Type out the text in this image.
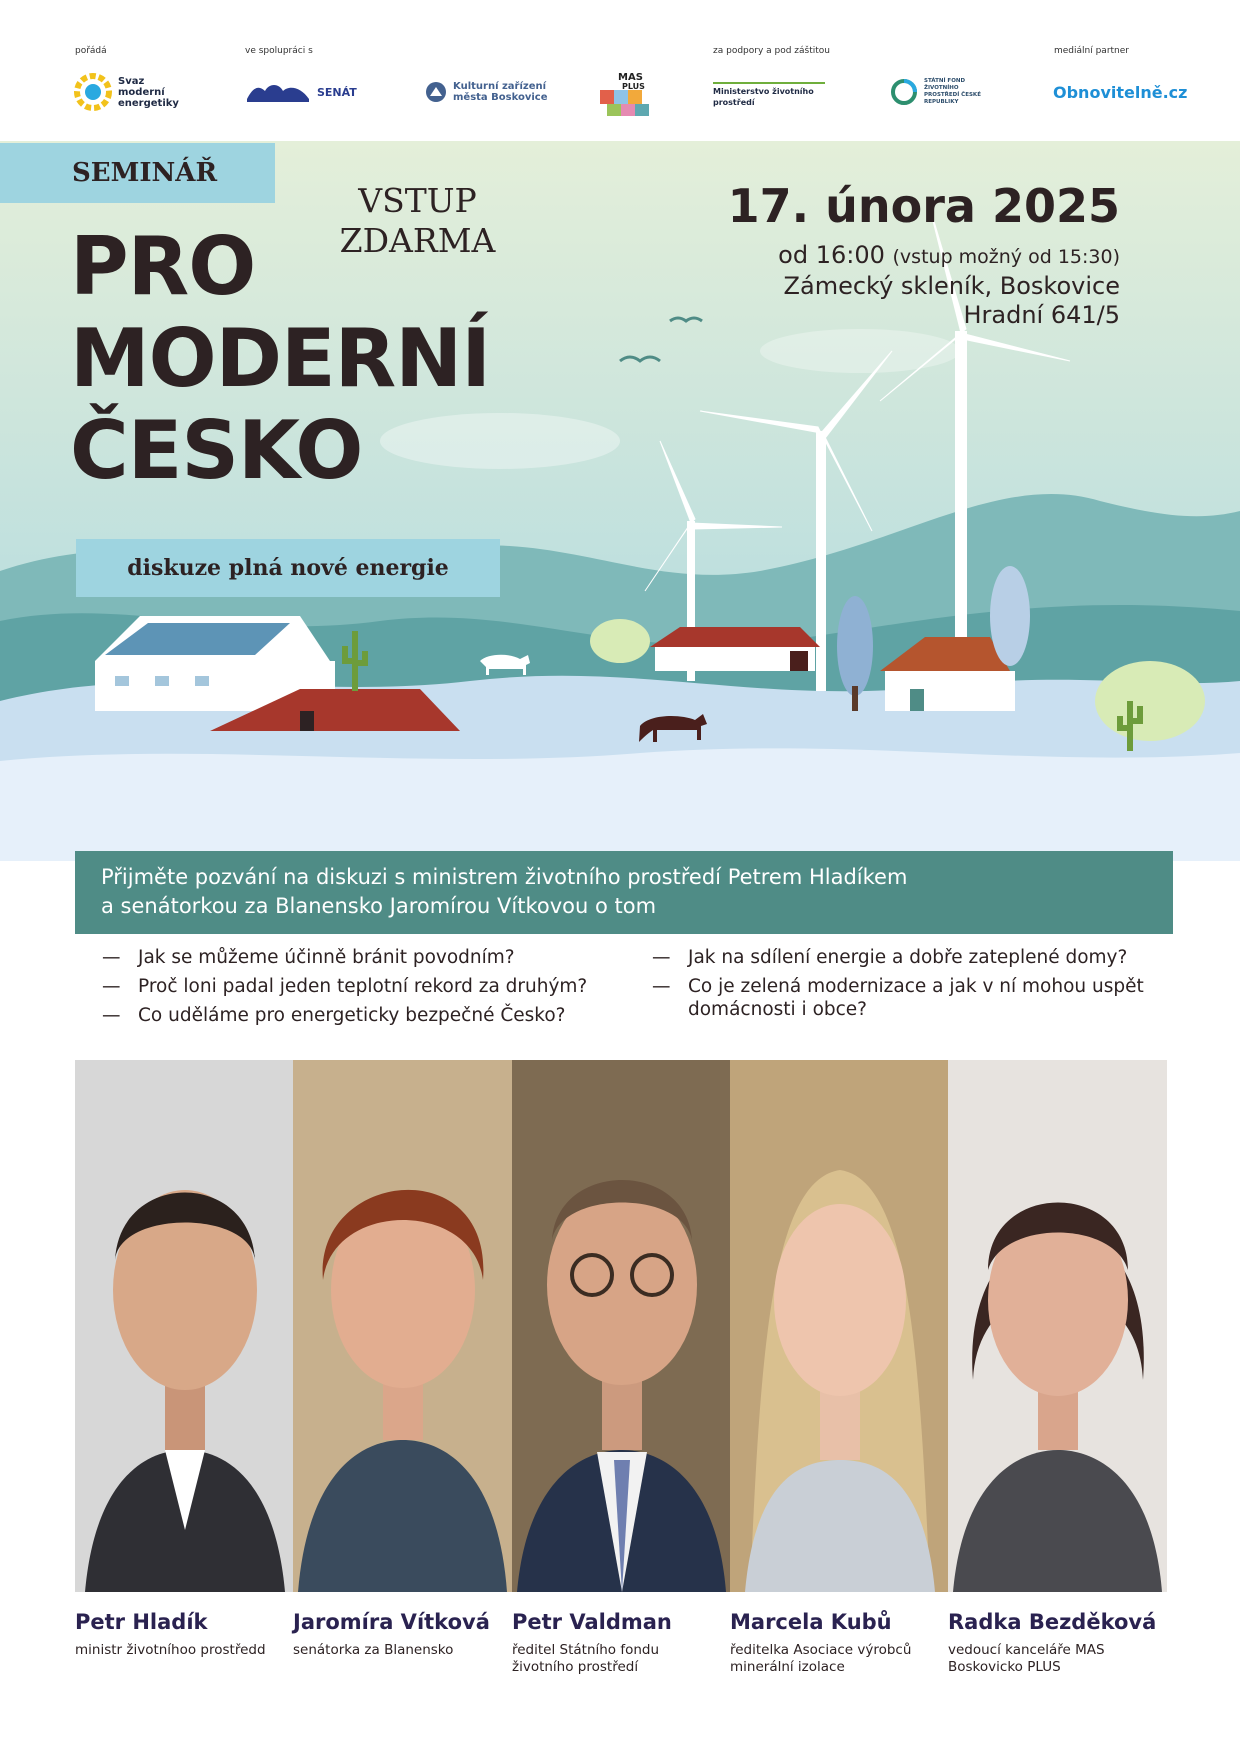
pořádá	ve spolupráci s	za podpory a pod záštitou	mediální partner
Svaz moderní energetiky
SENÁT	Kulturní zařízení města Boskovice
MAS
PLUS
Ministerstvo životního prostředí
STÁTNÍ FOND ŽIVOTNÍHO PROSTŘEDÍ ČESKÉ REPUBLIKY
Obnovitelně.cz
SEMINÁŘ
VSTUP
ZDARMA
PRO
MODERNÍ
ČESKO
diskuze plná nové energie
17. února 2025
od 16:00 (vstup možný od 15:30)
Zámecký skleník, Boskovice
Hradní 641/5
Přijměte pozvání na diskuzi s ministrem životního prostředí Petrem Hladíkem
a senátorkou za Blanensko Jaromírou Vítkovou o tom
— Jak se můžeme účinně bránit povodním?
— Proč loni padal jeden teplotní rekord za druhým?
— Co uděláme pro energeticky bezpečné Česko?
— Jak na sdílení energie a dobře zateplené domy?
— Co je zelená modernizace a jak v ní mohou uspět domácnosti i obce?
Petr Hladík
ministr životníhoo prostředd
Jaromíra Vítková
senátorka za Blanensko
Petr Valdman
ředitel Státního fondu životního prostředí
Marcela Kubů
ředitelka Asociace výrobců minerální izolace
Radka Bezděková
vedoucí kanceláře MAS Boskovicko PLUS
